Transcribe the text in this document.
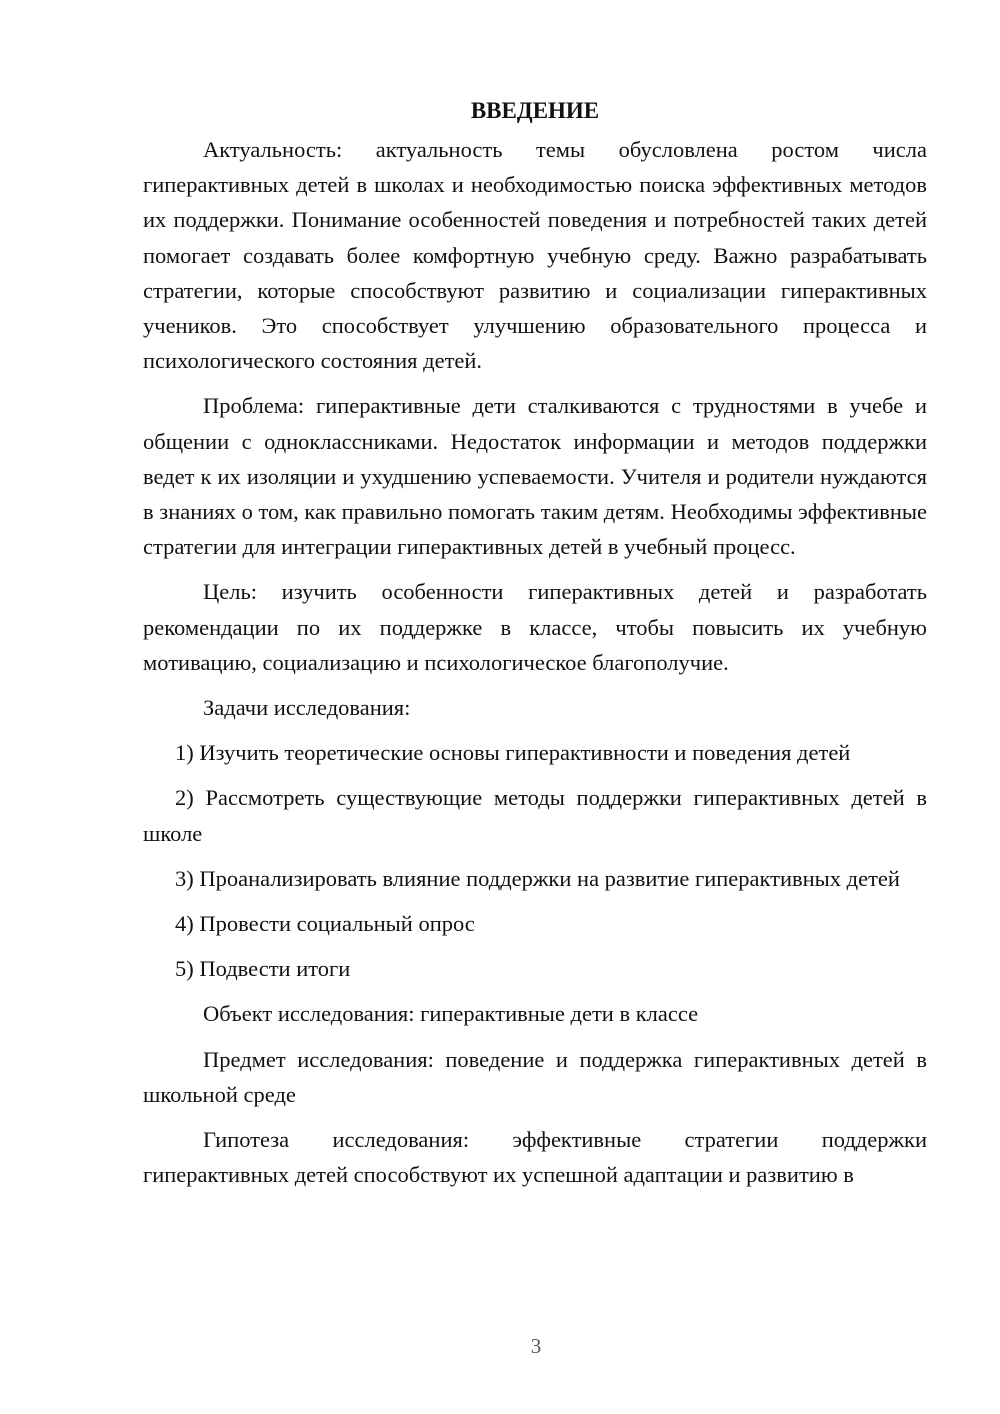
ВВЕДЕНИЕ

Актуальность: актуальность темы обусловлена ростом числа гиперактивных детей в школах и необходимостью поиска эффективных методов их поддержки. Понимание особенностей поведения и потребностей таких детей помогает создавать более комфортную учебную среду. Важно разрабатывать стратегии, которые способствуют развитию и социализации гиперактивных учеников. Это способствует улучшению образовательного процесса и психологического состояния детей.

Проблема: гиперактивные дети сталкиваются с трудностями в учебе и общении с одноклассниками. Недостаток информации и методов поддержки ведет к их изоляции и ухудшению успеваемости. Учителя и родители нуждаются в знаниях о том, как правильно помогать таким детям. Необходимы эффективные стратегии для интеграции гиперактивных детей в учебный процесс.

Цель: изучить особенности гиперактивных детей и разработать рекомендации по их поддержке в классе, чтобы повысить их учебную мотивацию, социализацию и психологическое благополучие.

Задачи исследования:

1) Изучить теоретические основы гиперактивности и поведения детей

2) Рассмотреть существующие методы поддержки гиперактивных детей в школе

3) Проанализировать влияние поддержки на развитие гиперактивных детей

4) Провести социальный опрос

5) Подвести итоги

Объект исследования: гиперактивные дети в классе

Предмет исследования: поведение и поддержка гиперактивных детей в школьной среде

Гипотеза исследования: эффективные стратегии поддержки гиперактивных детей способствуют их успешной адаптации и развитию в

3
